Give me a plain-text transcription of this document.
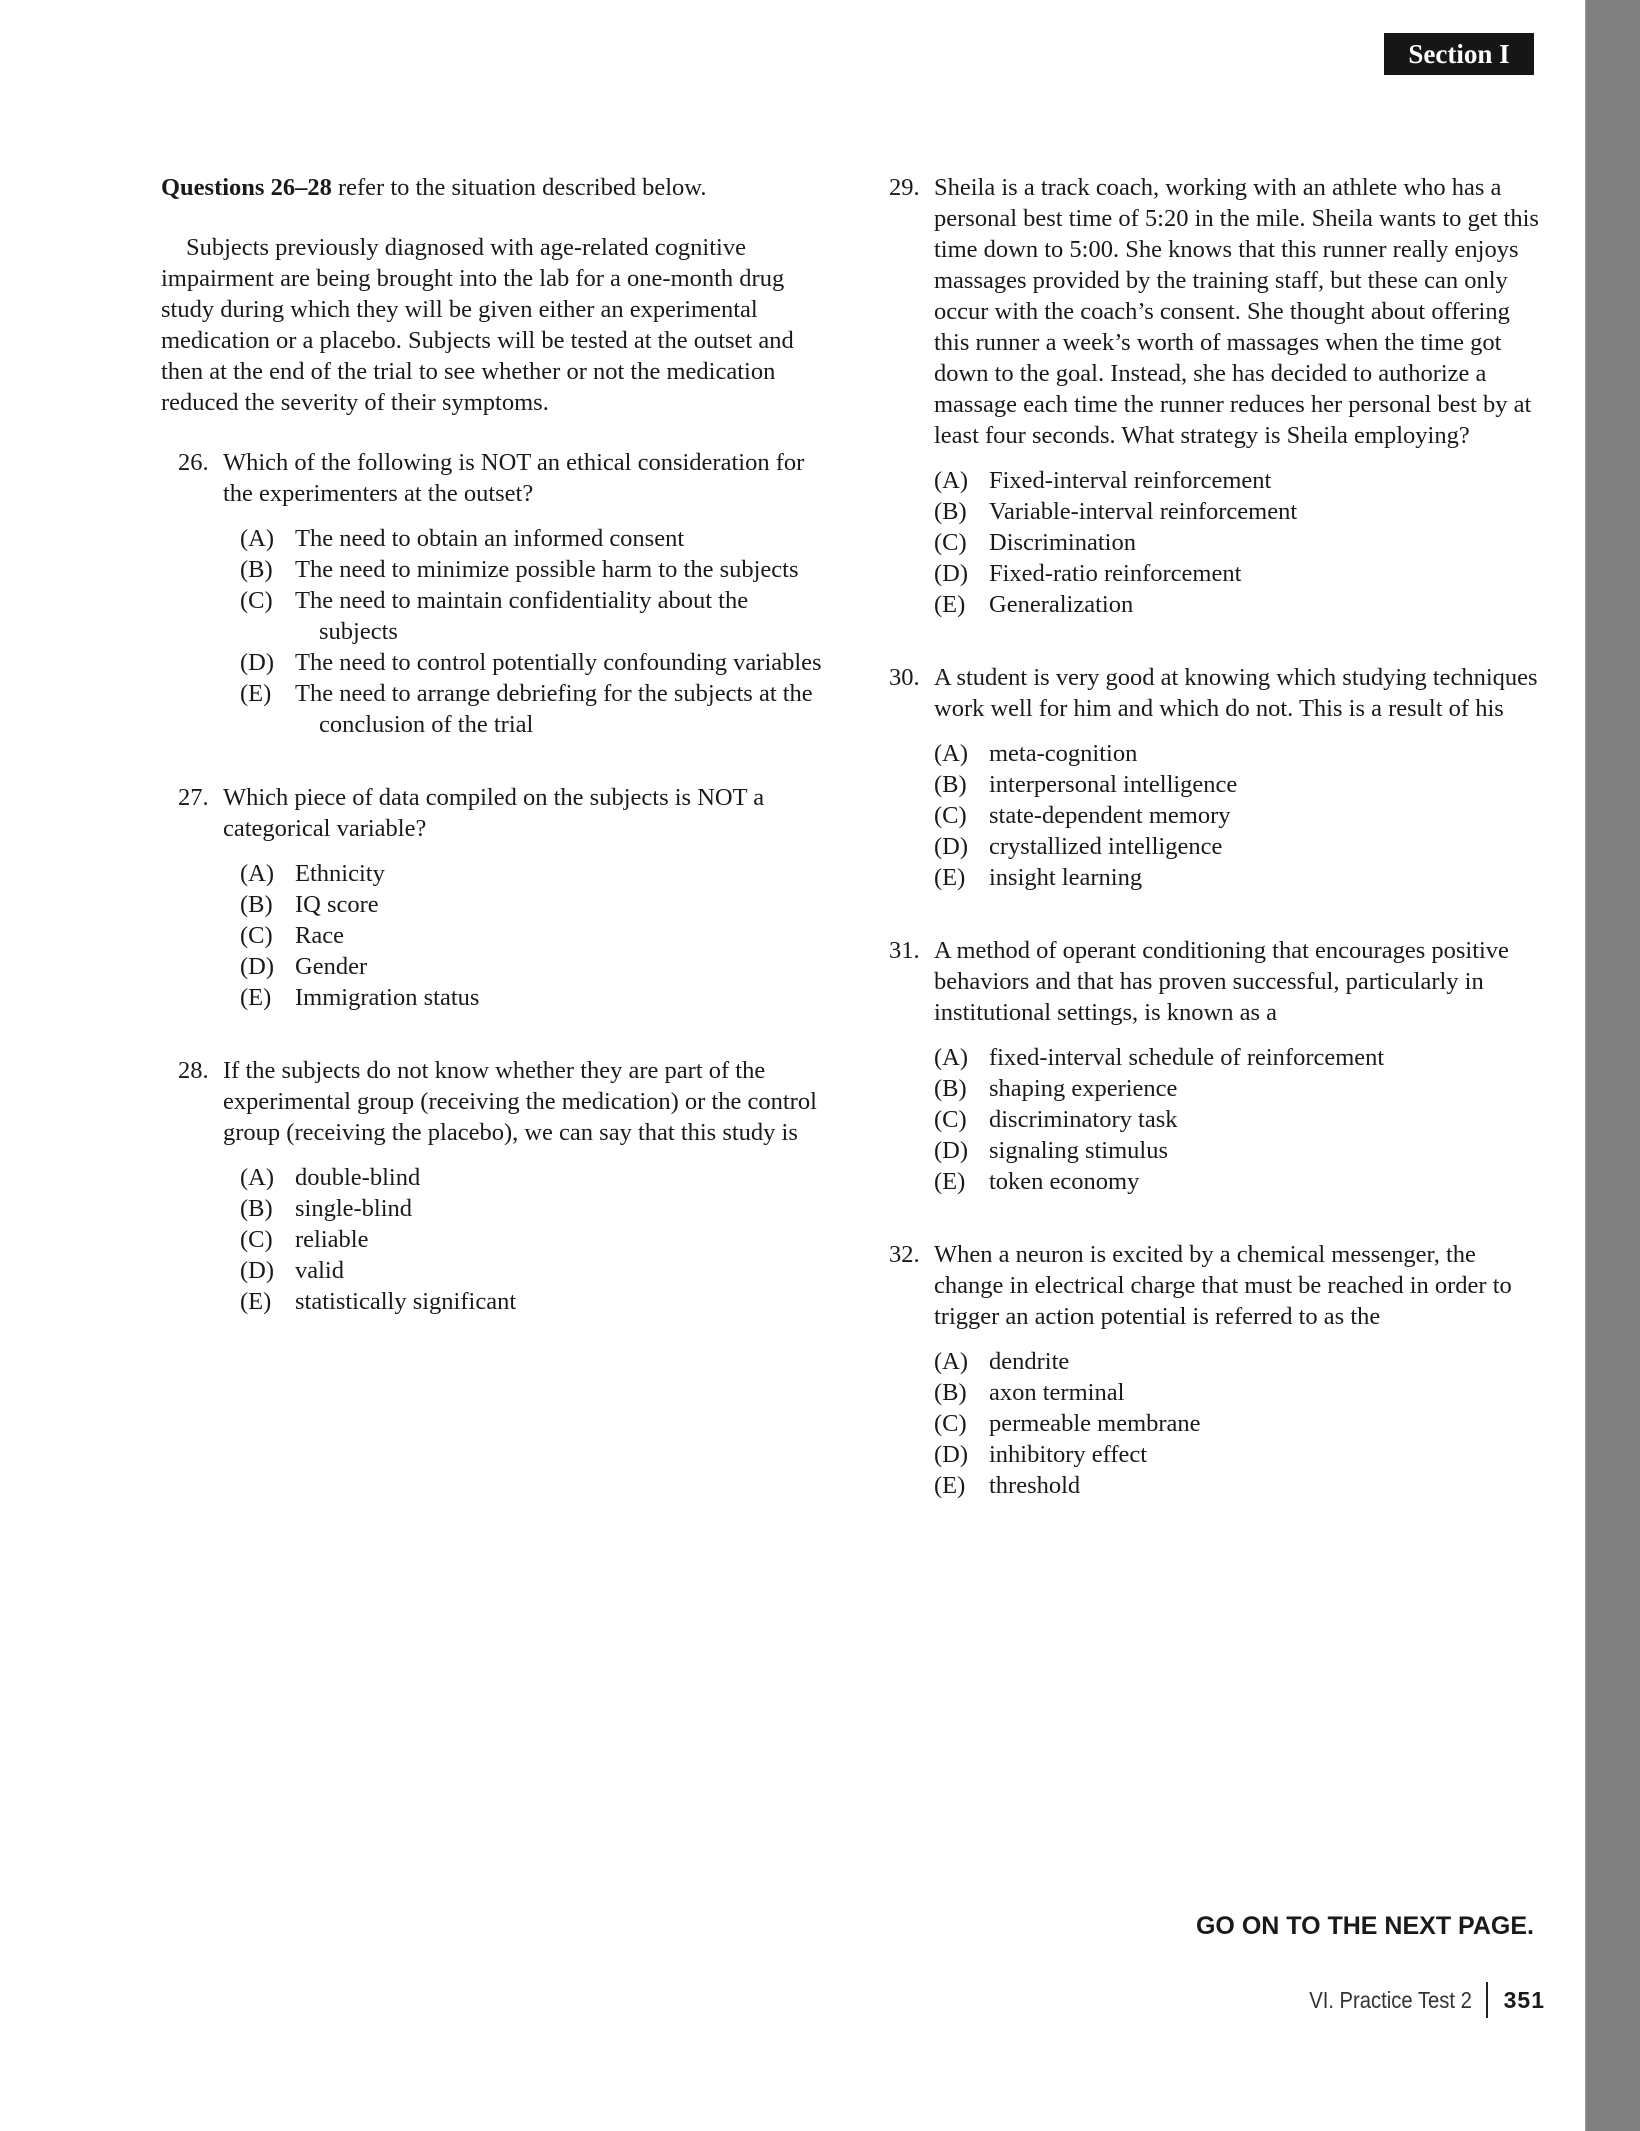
Section I

Questions 26–28 refer to the situation described below.

Subjects previously diagnosed with age-related cognitive impairment are being brought into the lab for a one-month drug study during which they will be given either an experimental medication or a placebo. Subjects will be tested at the outset and then at the end of the trial to see whether or not the medication reduced the severity of their symptoms.

26. Which of the following is NOT an ethical consideration for the experimenters at the outset?
(A) The need to obtain an informed consent
(B) The need to minimize possible harm to the subjects
(C) The need to maintain confidentiality about the subjects
(D) The need to control potentially confounding variables
(E) The need to arrange debriefing for the subjects at the conclusion of the trial
27. Which piece of data compiled on the subjects is NOT a categorical variable?
(A) Ethnicity
(B) IQ score
(C) Race
(D) Gender
(E) Immigration status
28. If the subjects do not know whether they are part of the experimental group (receiving the medication) or the control group (receiving the placebo), we can say that this study is
(A) double-blind
(B) single-blind
(C) reliable
(D) valid
(E) statistically significant
29. Sheila is a track coach, working with an athlete who has a personal best time of 5:20 in the mile. Sheila wants to get this time down to 5:00. She knows that this runner really enjoys massages provided by the training staff, but these can only occur with the coach’s consent. She thought about offering this runner a week’s worth of massages when the time got down to the goal. Instead, she has decided to authorize a massage each time the runner reduces her personal best by at least four seconds. What strategy is Sheila employing?
(A) Fixed-interval reinforcement
(B) Variable-interval reinforcement
(C) Discrimination
(D) Fixed-ratio reinforcement
(E) Generalization
30. A student is very good at knowing which studying techniques work well for him and which do not. This is a result of his
(A) meta-cognition
(B) interpersonal intelligence
(C) state-dependent memory
(D) crystallized intelligence
(E) insight learning
31. A method of operant conditioning that encourages positive behaviors and that has proven successful, particularly in institutional settings, is known as a
(A) fixed-interval schedule of reinforcement
(B) shaping experience
(C) discriminatory task
(D) signaling stimulus
(E) token economy
32. When a neuron is excited by a chemical messenger, the change in electrical charge that must be reached in order to trigger an action potential is referred to as the
(A) dendrite
(B) axon terminal
(C) permeable membrane
(D) inhibitory effect
(E) threshold
GO ON TO THE NEXT PAGE.
VI. Practice Test 2 351
